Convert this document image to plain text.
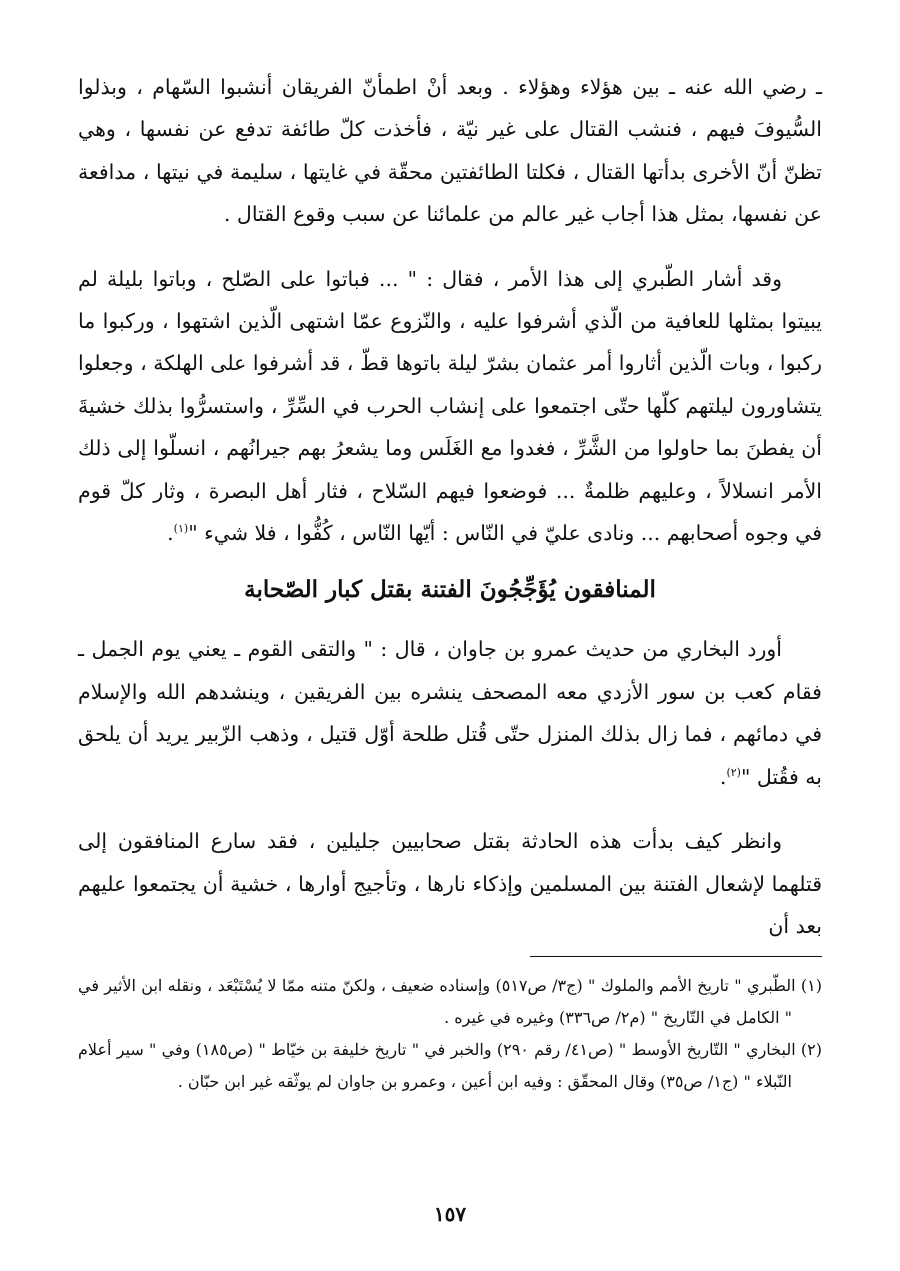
ـ رضي الله عنه ـ بين هؤلاء وهؤلاء . وبعد أنْ اطمأنّ الفريقان أنشبوا السّهام ، وبذلوا السُّيوفَ فيهم ، فنشب القتال على غير نيّة ، فأخذت كلّ طائفة تدفع عن نفسها ، وهي تظنّ أنّ الأخرى بدأتها القتال ، فكلتا الطائفتين محقّة في غايتها ، سليمة في نيتها ، مدافعة عن نفسها، بمثل هذا أجاب غير عالم من علمائنا عن سبب وقوع القتال .

وقد أشار الطّبري إلى هذا الأمر ، فقال : " ... فباتوا على الصّلح ، وباتوا بليلة لم يبيتوا بمثلها للعافية من الّذي أشرفوا عليه ، والنّزوع عمّا اشتهى الّذين اشتهوا ، وركبوا ما ركبوا ، وبات الّذين أثاروا أمر عثمان بشرّ ليلة باتوها قطّ ، قد أشرفوا على الهلكة ، وجعلوا يتشاورون ليلتهم كلّها حتّى اجتمعوا على إنشاب الحرب في السِّرِّ ، واستسرُّوا بذلك خشيةَ أن يفطنَ بما حاولوا من الشَّرِّ ، فغدوا مع الغَلَس وما يشعرُ بهم جيرانُهم ، انسلّوا إلى ذلك الأمر انسلالاً ، وعليهم ظلمةٌ ... فوضعوا فيهم السّلاح ، فثار أهل البصرة ، وثار كلّ قوم في وجوه أصحابهم ... ونادى عليّ في النّاس : أيّها النّاس ، كُفُّوا ، فلا شيء "$^{(١)}$.

المنافقون يُؤَجِّجُونَ الفتنة بقتل كبار الصّحابة

أورد البخاري من حديث عمرو بن جاوان ، قال : " والتقى القوم ـ يعني يوم الجمل ـ فقام كعب بن سور الأزدي معه المصحف ينشره بين الفريقين ، وينشدهم الله والإسلام في دمائهم ، فما زال بذلك المنزل حتّى قُتل طلحة أوّل قتيل ، وذهب الزّبير يريد أن يلحق به فقُتل "$^{(٢)}$.

وانظر كيف بدأت هذه الحادثة بقتل صحابيين جليلين ، فقد سارع المنافقون إلى قتلهما لإشعال الفتنة بين المسلمين وإذكاء نارها ، وتأجيج أوارها ، خشية أن يجتمعوا عليهم بعد أن

(١) الطّبري " تاريخ الأمم والملوك " (ج٣/ ص٥١٧) وإسناده ضعيف ، ولكنّ متنه ممّا لا يُسْتَبْعَد ، ونقله ابن الأثير في " الكامل في التّاريخ " (م٢/ ص٣٣٦) وغيره في غيره .

(٢) البخاري " التّاريخ الأوسط " (ص٤١/ رقم ٢٩٠) والخبر في " تاريخ خليفة بن خيّاط " (ص١٨٥) وفي " سير أعلام النّبلاء " (ج١/ ص٣٥) وقال المحقّق : وفيه ابن أعين ، وعمرو بن جاوان لم يوثّقه غير ابن حبّان .

١٥٧
